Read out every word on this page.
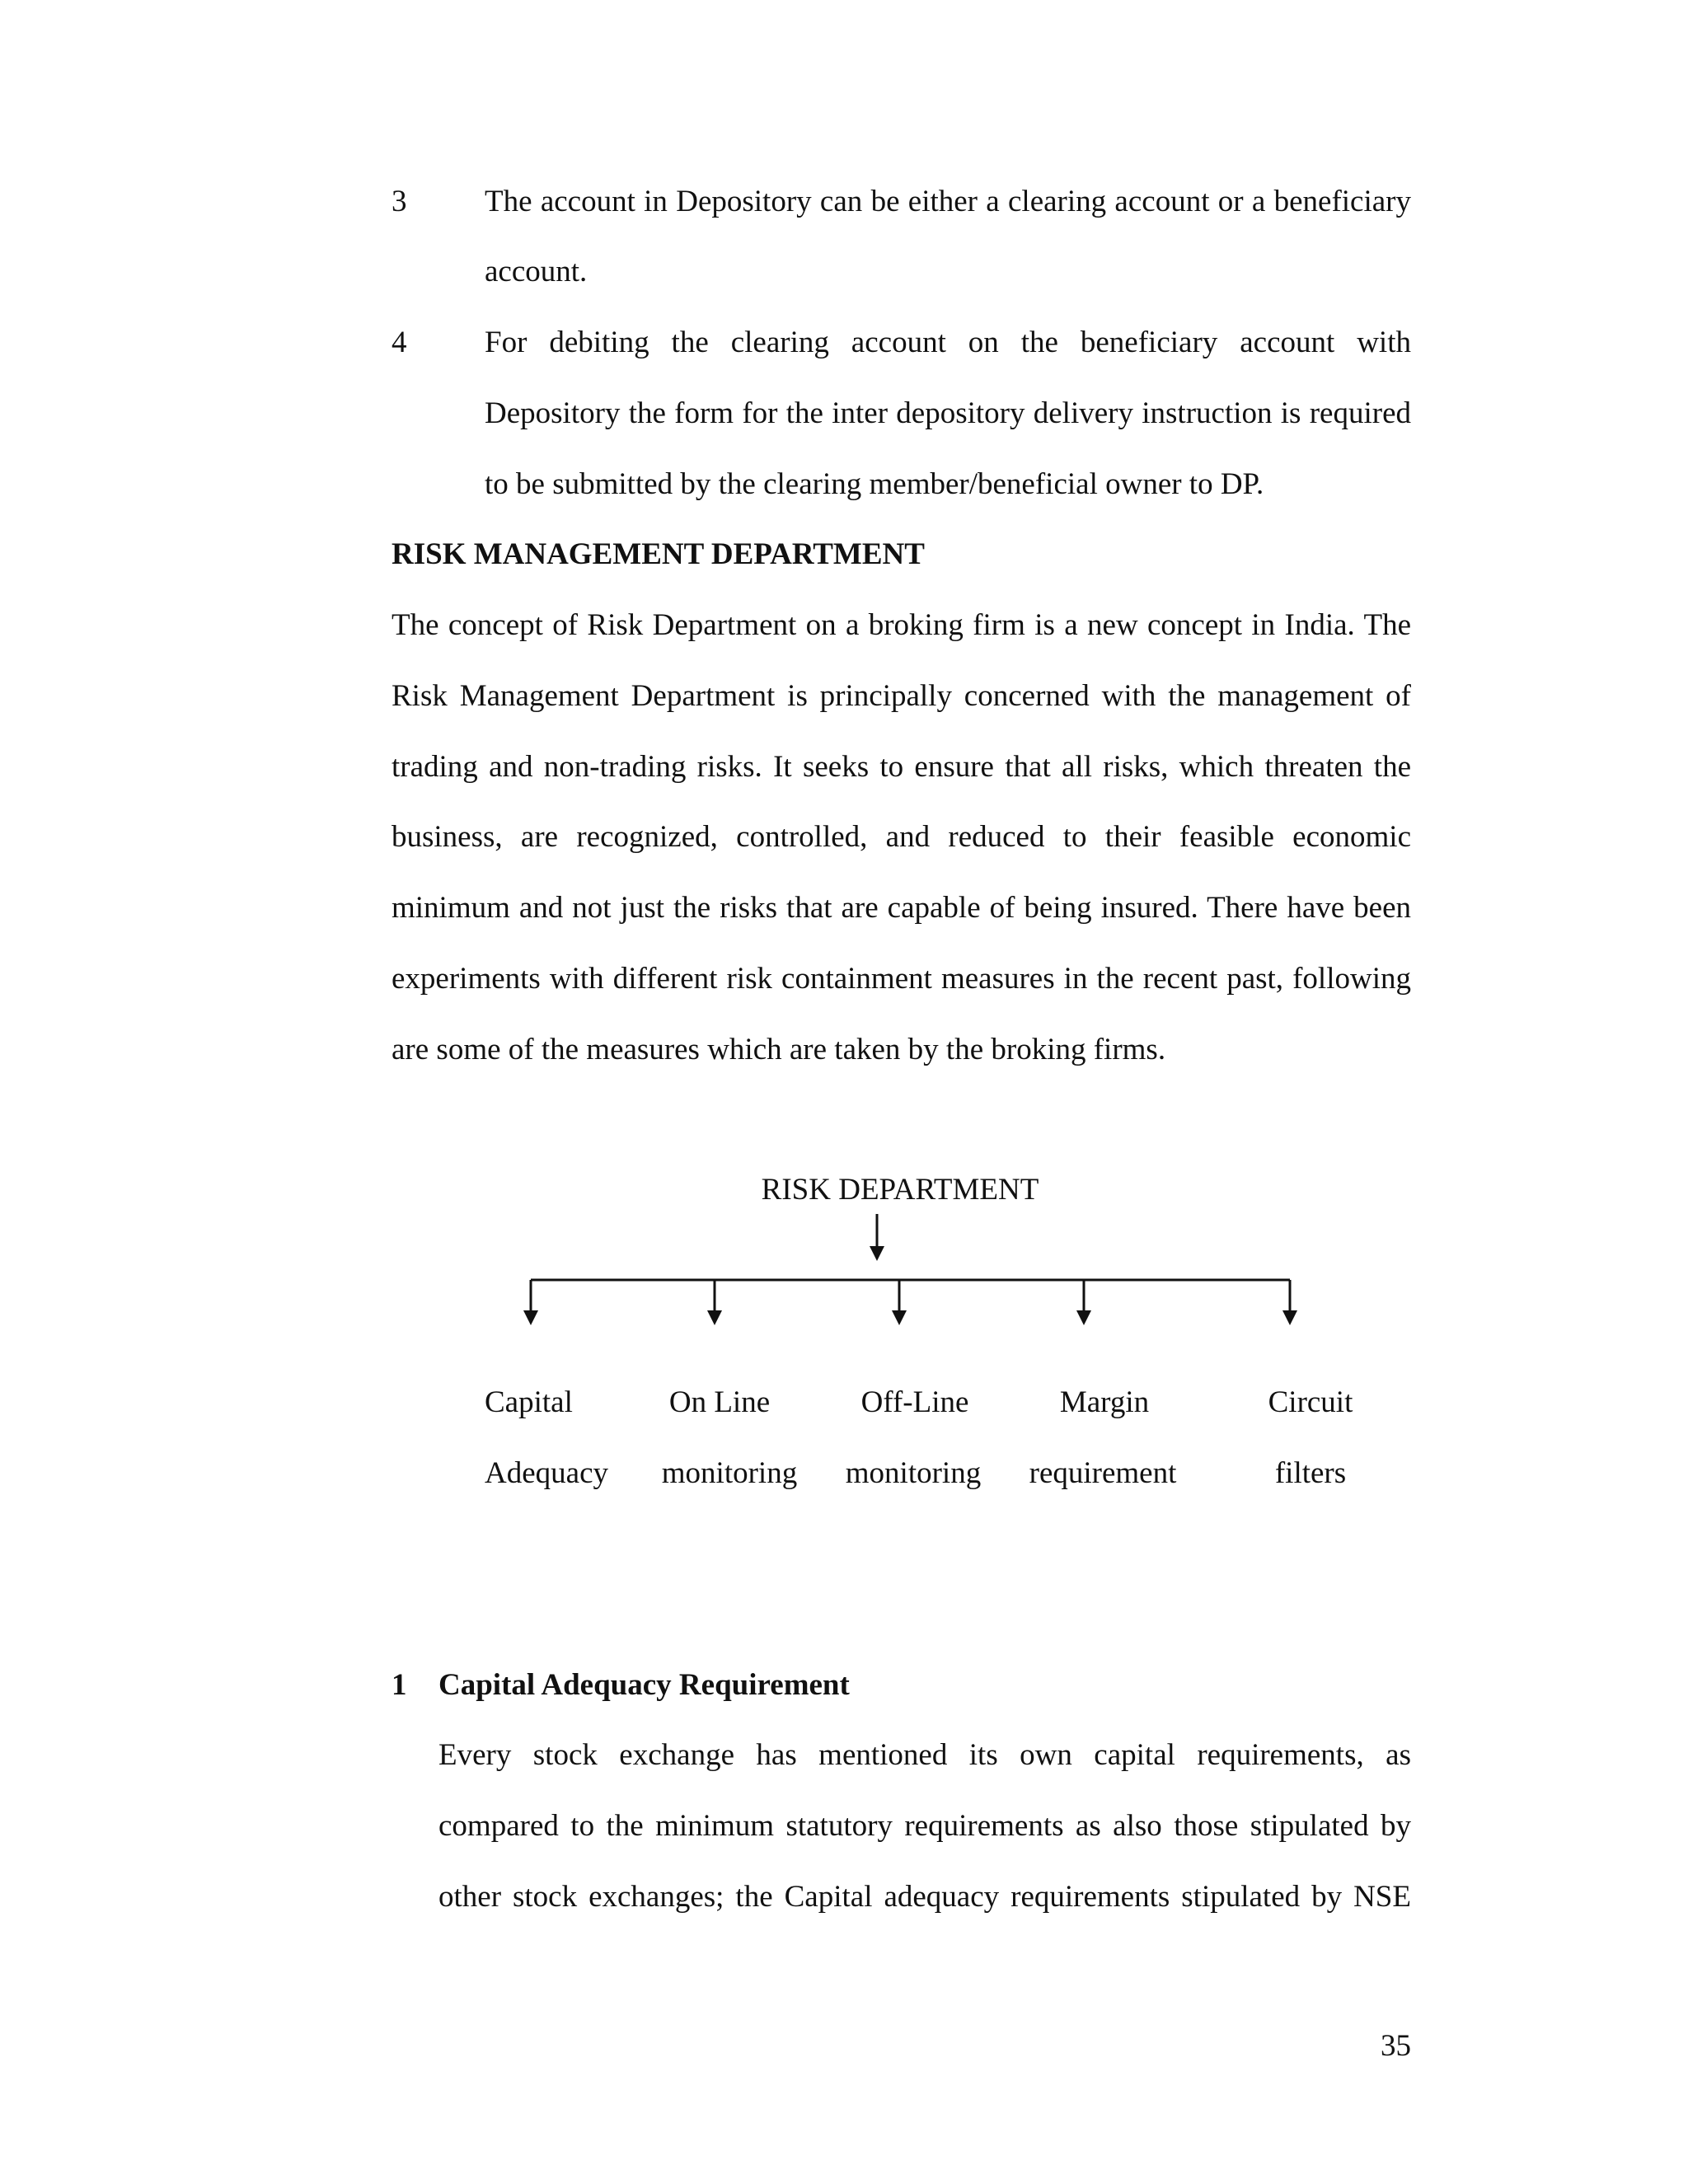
3	The account in Depository can be either a clearing account or a beneficiary
account.
4	For debiting the clearing account on the beneficiary account with
Depository the form for the inter depository delivery instruction is required
to be submitted by the clearing member/beneficial owner to DP.
RISK MANAGEMENT DEPARTMENT
The concept of Risk Department on a broking firm is a new concept in India. The
Risk Management Department is principally concerned with the management of
trading and non-trading risks. It seeks to ensure that all risks, which threaten the
business, are recognized, controlled, and reduced to their feasible economic
minimum and not just the risks that are capable of being insured. There have been
experiments with different risk containment measures in the recent past, following
are some of the measures which are taken by the broking firms.
RISK DEPARTMENT
Capital
Adequacy
On Line
monitoring
Off-Line
monitoring
Margin
requirement
Circuit
filters
1 Capital Adequacy Requirement
Every stock exchange has mentioned its own capital requirements, as
compared to the minimum statutory requirements as also those stipulated by
other stock exchanges; the Capital adequacy requirements stipulated by NSE
35
